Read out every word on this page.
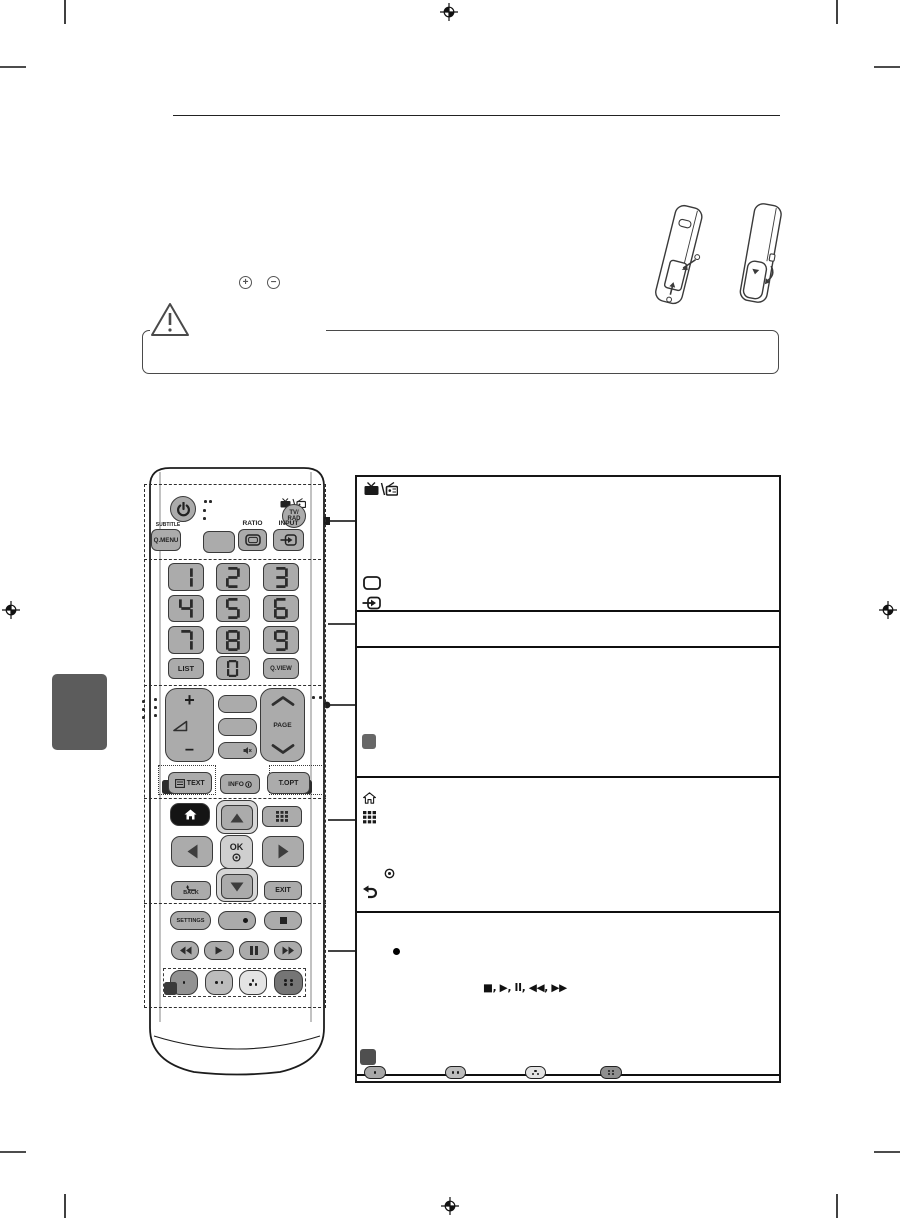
+ −
TV/
RAD
SUBTITLE
Q.MENU
RATIO	INPUT
LIST	Q.VIEW
+
−
PAGE
TEXT	INFO	T.OPT
OK
BACK	EXIT
SETTINGS
■, ▶, II, ◀◀, ▶▶
